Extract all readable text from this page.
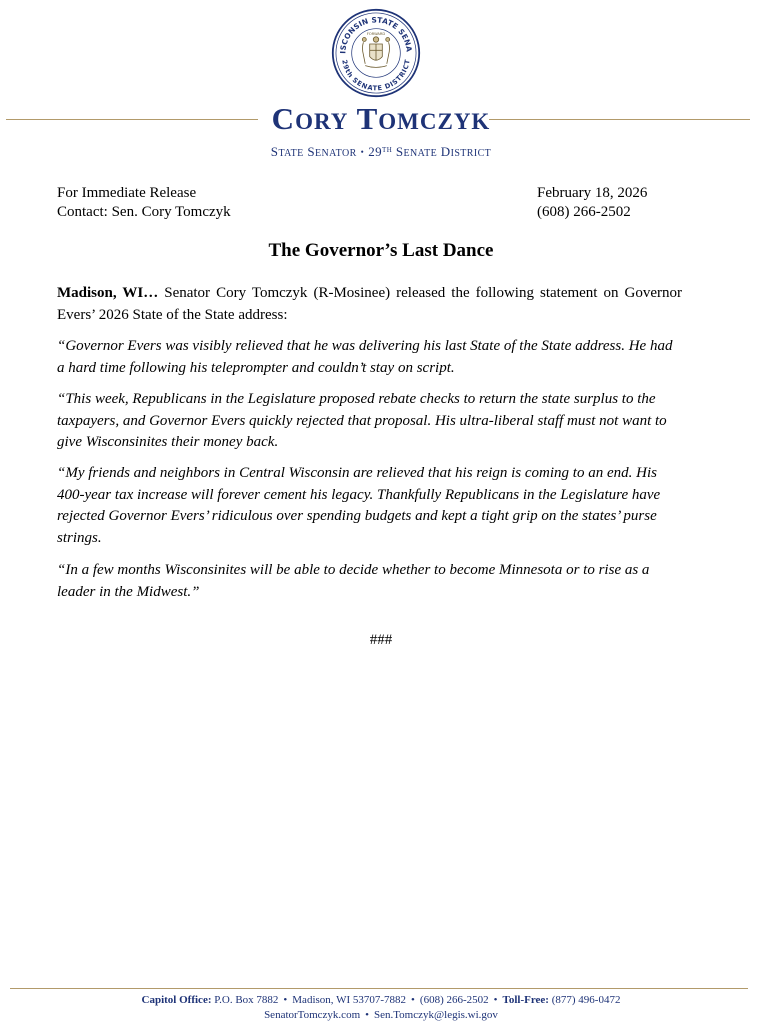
ISCONSIN STATE SENA
29th SENATE DISTRICT
FORWARD
CORY TOMCZYK
STATE SENATOR • 29TH SENATE DISTRICT
For Immediate Release
Contact: Sen. Cory Tomczyk
February 18, 2026
(608) 266-2502
The Governor’s Last Dance
Madison, WI… Senator Cory Tomczyk (R-Mosinee) released the following statement on Governor Evers’ 2026 State of the State address:
“Governor Evers was visibly relieved that he was delivering his last State of the State address. He had a hard time following his teleprompter and couldn’t stay on script.
“This week, Republicans in the Legislature proposed rebate checks to return the state surplus to the taxpayers, and Governor Evers quickly rejected that proposal. His ultra-liberal staff must not want to give Wisconsinites their money back.
“My friends and neighbors in Central Wisconsin are relieved that his reign is coming to an end. His 400-year tax increase will forever cement his legacy. Thankfully Republicans in the Legislature have rejected Governor Evers’ ridiculous over spending budgets and kept a tight grip on the states’ purse strings.
“In a few months Wisconsinites will be able to decide whether to become Minnesota or to rise as a leader in the Midwest.”
###
Capitol Office: P.O. Box 7882 • Madison, WI 53707-7882 • (608) 266-2502 • Toll-Free: (877) 496-0472
SenatorTomczyk.com • Sen.Tomczyk@legis.wi.gov
